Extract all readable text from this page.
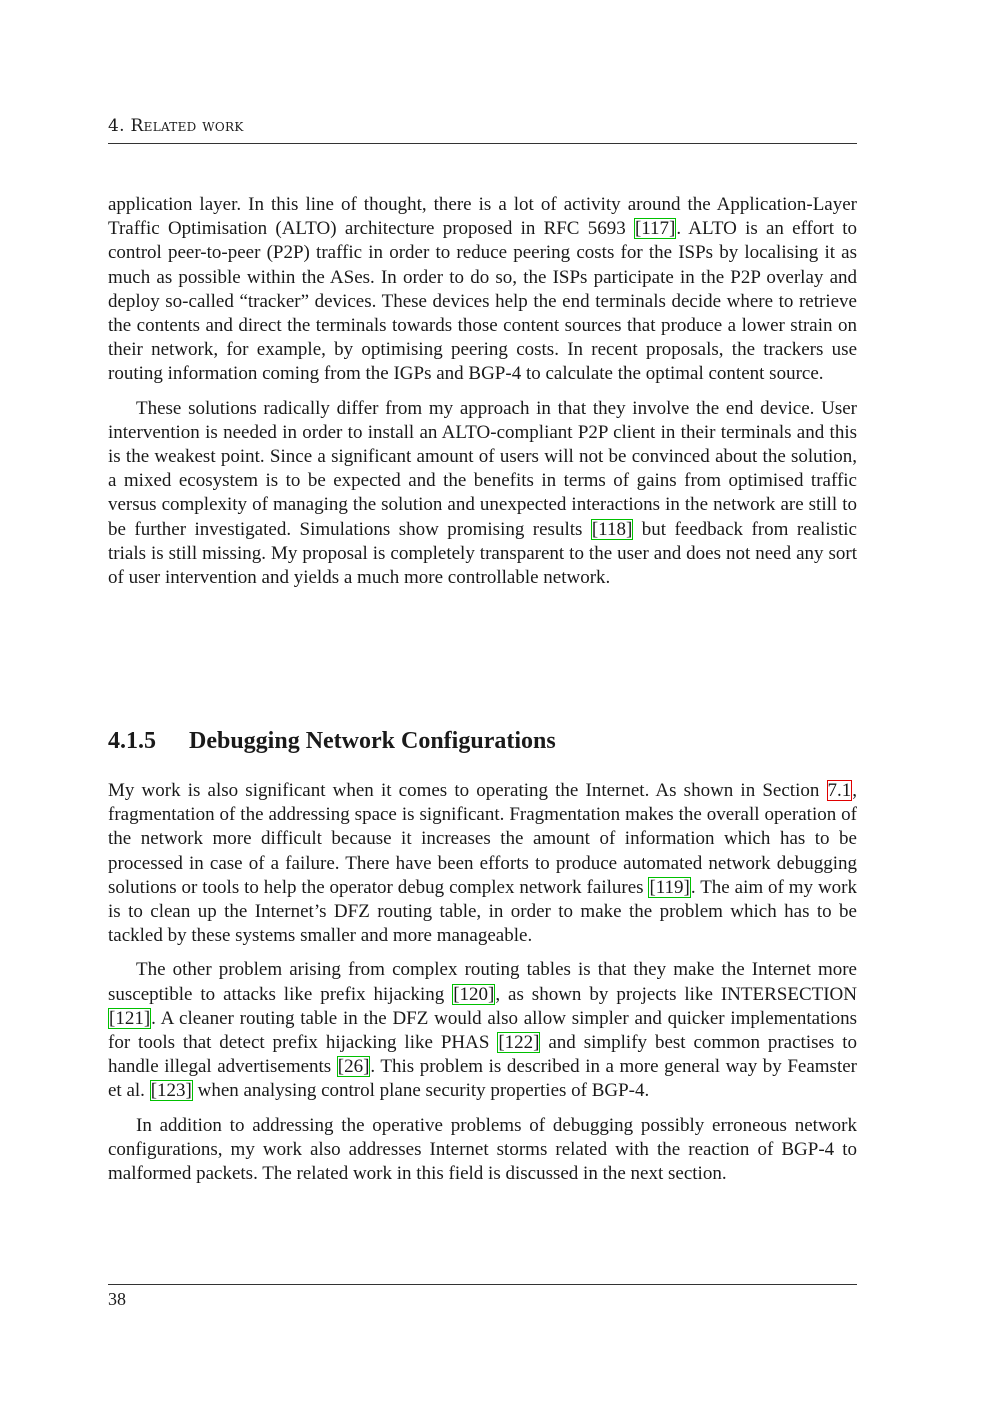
4. Related work

application layer. In this line of thought, there is a lot of activity around the Application-Layer Traffic Optimisation (ALTO) architecture proposed in RFC 5693 [117]. ALTO is an effort to control peer-to-peer (P2P) traffic in order to reduce peering costs for the ISPs by localising it as much as possible within the ASes. In order to do so, the ISPs participate in the P2P overlay and deploy so-called “tracker” devices. These devices help the end terminals decide where to retrieve the contents and direct the terminals towards those content sources that produce a lower strain on their network, for example, by optimising peering costs. In recent proposals, the trackers use routing information coming from the IGPs and BGP-4 to calculate the optimal content source.

These solutions radically differ from my approach in that they involve the end device. User intervention is needed in order to install an ALTO-compliant P2P client in their terminals and this is the weakest point. Since a significant amount of users will not be convinced about the solution, a mixed ecosystem is to be expected and the benefits in terms of gains from optimised traffic versus complexity of managing the solution and unexpected interactions in the network are still to be further investigated. Simulations show promising results [118] but feedback from realistic trials is still missing. My proposal is completely transparent to the user and does not need any sort of user intervention and yields a much more controllable network.

4.1.5 Debugging Network Configurations

My work is also significant when it comes to operating the Internet. As shown in Section 7.1, fragmentation of the addressing space is significant. Fragmentation makes the overall operation of the network more difficult because it increases the amount of information which has to be processed in case of a failure. There have been efforts to produce automated network debugging solutions or tools to help the operator debug complex network failures [119]. The aim of my work is to clean up the Internet’s DFZ routing table, in order to make the problem which has to be tackled by these systems smaller and more manageable.

The other problem arising from complex routing tables is that they make the Internet more susceptible to attacks like prefix hijacking [120], as shown by projects like INTERSECTION [121]. A cleaner routing table in the DFZ would also allow simpler and quicker implementations for tools that detect prefix hijacking like PHAS [122] and simplify best common practises to handle illegal advertisements [26]. This problem is described in a more general way by Feamster et al. [123] when analysing control plane security properties of BGP-4.

In addition to addressing the operative problems of debugging possibly erroneous network configurations, my work also addresses Internet storms related with the reaction of BGP-4 to malformed packets. The related work in this field is discussed in the next section.

38
